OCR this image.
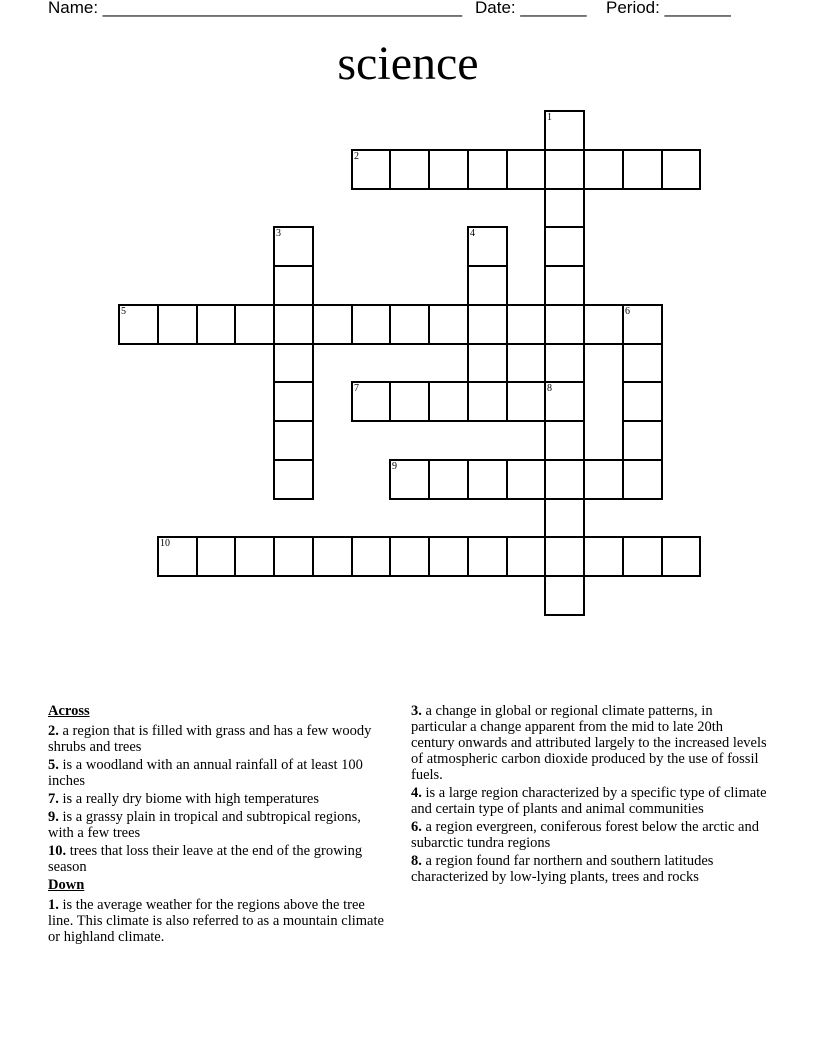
Name: ______________________________________ Date: _______ Period: _______
science
1
2
3	4
5	6
7	8
9
10
Across
2. a region that is filled with grass and has a few woody shrubs and trees
5. is a woodland with an annual rainfall of at least 100 inches
7. is a really dry biome with high temperatures
9. is a grassy plain in tropical and subtropical regions, with a few trees
10. trees that loss their leave at the end of the growing season
Down
1. is the average weather for the regions above the tree line. This climate is also referred to as a mountain climate or highland climate.
3. a change in global or regional climate patterns, in particular a change apparent from the mid to late 20th century onwards and attributed largely to the increased levels of atmospheric carbon dioxide produced by the use of fossil fuels.
4. is a large region characterized by a specific type of climate and certain type of plants and animal communities
6. a region evergreen, coniferous forest below the arctic and subarctic tundra regions
8. a region found far northern and southern latitudes characterized by low-lying plants, trees and rocks
